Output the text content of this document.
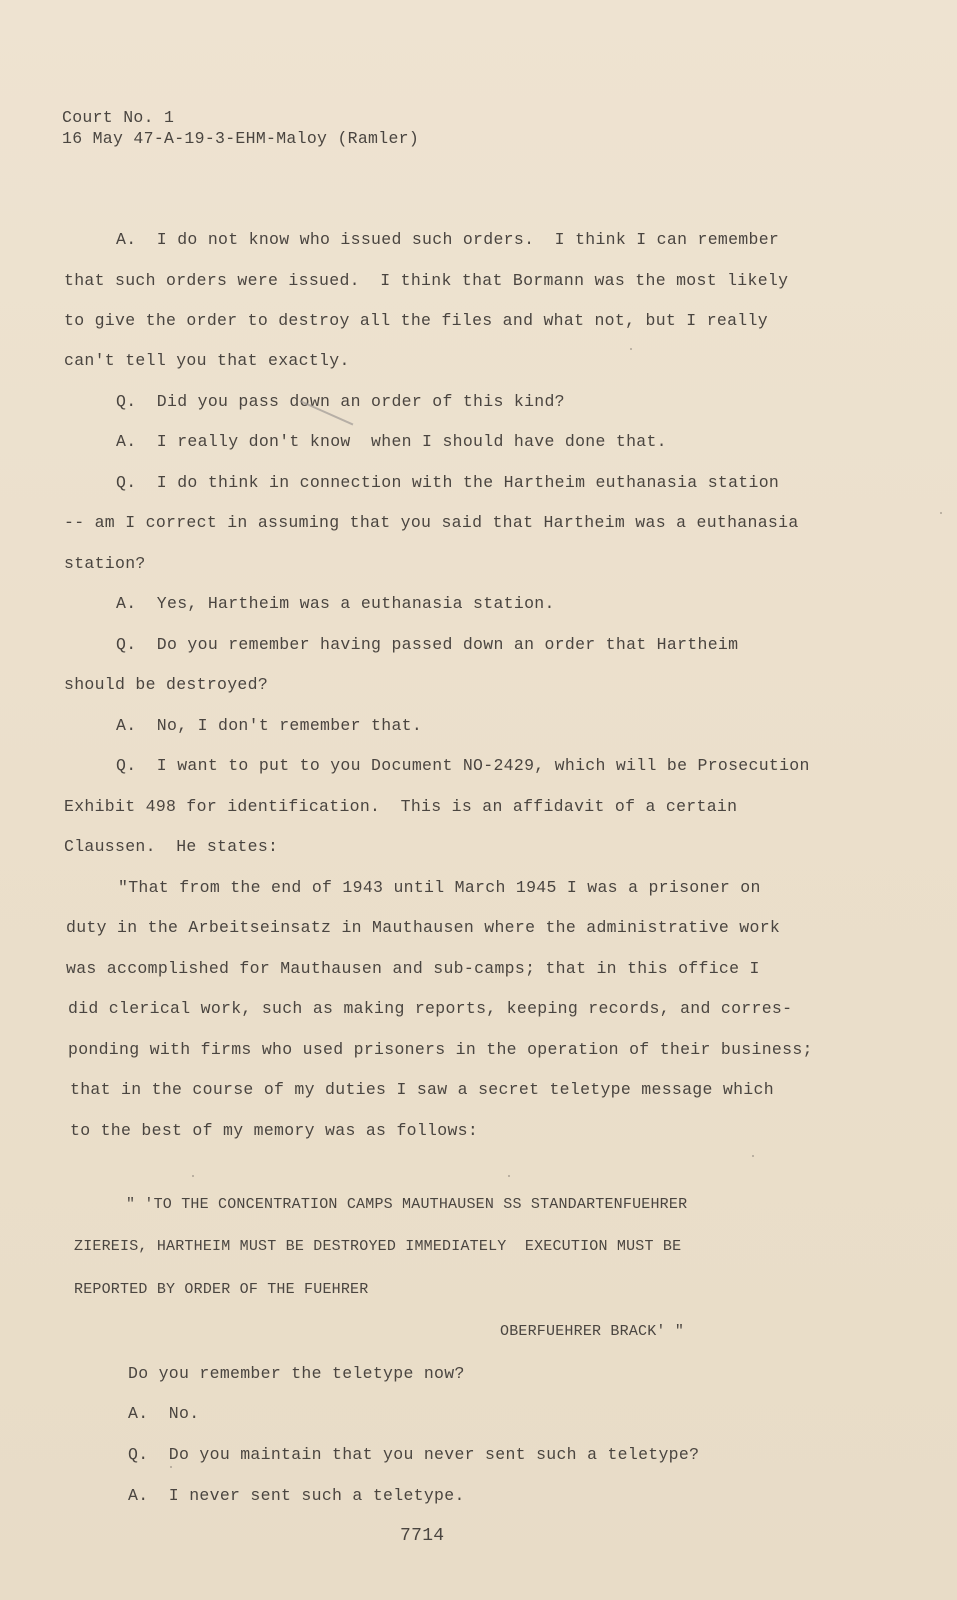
Court No. 1
16 May 47-A-19-3-EHM-Maloy (Ramler)
A.  I do not know who issued such orders.  I think I can remember
that such orders were issued.  I think that Bormann was the most likely
to give the order to destroy all the files and what not, but I really
can't tell you that exactly.
Q.  Did you pass down an order of this kind?
A.  I really don't know  when I should have done that.
Q.  I do think in connection with the Hartheim euthanasia station
-- am I correct in assuming that you said that Hartheim was a euthanasia
station?
A.  Yes, Hartheim was a euthanasia station.
Q.  Do you remember having passed down an order that Hartheim
should be destroyed?
A.  No, I don't remember that.
Q.  I want to put to you Document NO-2429, which will be Prosecution
Exhibit 498 for identification.  This is an affidavit of a certain
Claussen.  He states:
"That from the end of 1943 until March 1945 I was a prisoner on
duty in the Arbeitseinsatz in Mauthausen where the administrative work
was accomplished for Mauthausen and sub-camps; that in this office I
did clerical work, such as making reports, keeping records, and corres-
ponding with firms who used prisoners in the operation of their business;
that in the course of my duties I saw a secret teletype message which
to the best of my memory was as follows:
" 'TO THE CONCENTRATION CAMPS MAUTHAUSEN SS STANDARTENFUEHRER
ZIEREIS, HARTHEIM MUST BE DESTROYED IMMEDIATELY  EXECUTION MUST BE
REPORTED BY ORDER OF THE FUEHRER
OBERFUEHRER BRACK' "
Do you remember the teletype now?
A.  No.
Q.  Do you maintain that you never sent such a teletype?
A.  I never sent such a teletype.
7714
